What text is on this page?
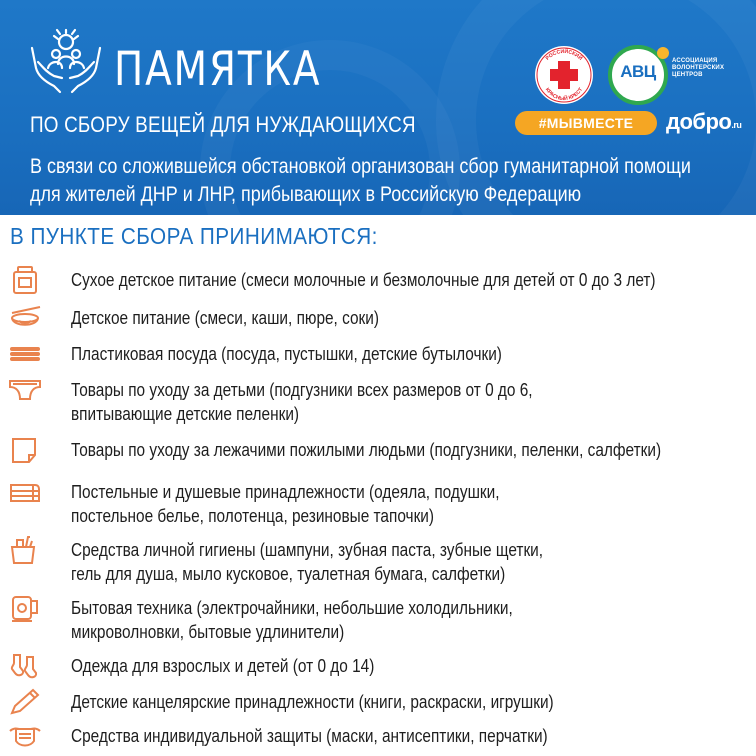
ПАМЯТКА
ПО СБОРУ ВЕЩЕЙ ДЛЯ НУЖДАЮЩИХСЯ
В связи со сложившейся обстановкой организован сбор гуманитарной помощи
для жителей ДНР и ЛНР, прибывающих в Российскую Федерацию
РОССИЙСКИЙ
КРАСНЫЙ КРЕСТ
АВЦ
АССОЦИАЦИЯ ВОЛОНТЕРСКИХ ЦЕНТРОВ
#МЫВМЕСТЕ	добро$^{.ru}$
В ПУНКТЕ СБОРА ПРИНИМАЮТСЯ:
Сухое детское питание (смеси молочные и безмолочные для детей от 0 до 3 лет)
Детское питание (смеси, каши, пюре, соки)
Пластиковая посуда (посуда, пустышки, детские бутылочки)
Товары по уходу за детьми (подгузники всех размеров от 0 до 6,
впитывающие детские пеленки)
Товары по уходу за лежачими пожилыми людьми (подгузники, пеленки, салфетки)
Постельные и душевые принадлежности (одеяла, подушки,
постельное белье, полотенца, резиновые тапочки)
Средства личной гигиены (шампуни, зубная паста, зубные щетки,
гель для душа, мыло кусковое, туалетная бумага, салфетки)
Бытовая техника (электрочайники, небольшие холодильники,
микроволновки, бытовые удлинители)
Одежда для взрослых и детей (от 0 до 14)
Детские канцелярские принадлежности (книги, раскраски, игрушки)
Средства индивидуальной защиты (маски, антисептики, перчатки)
